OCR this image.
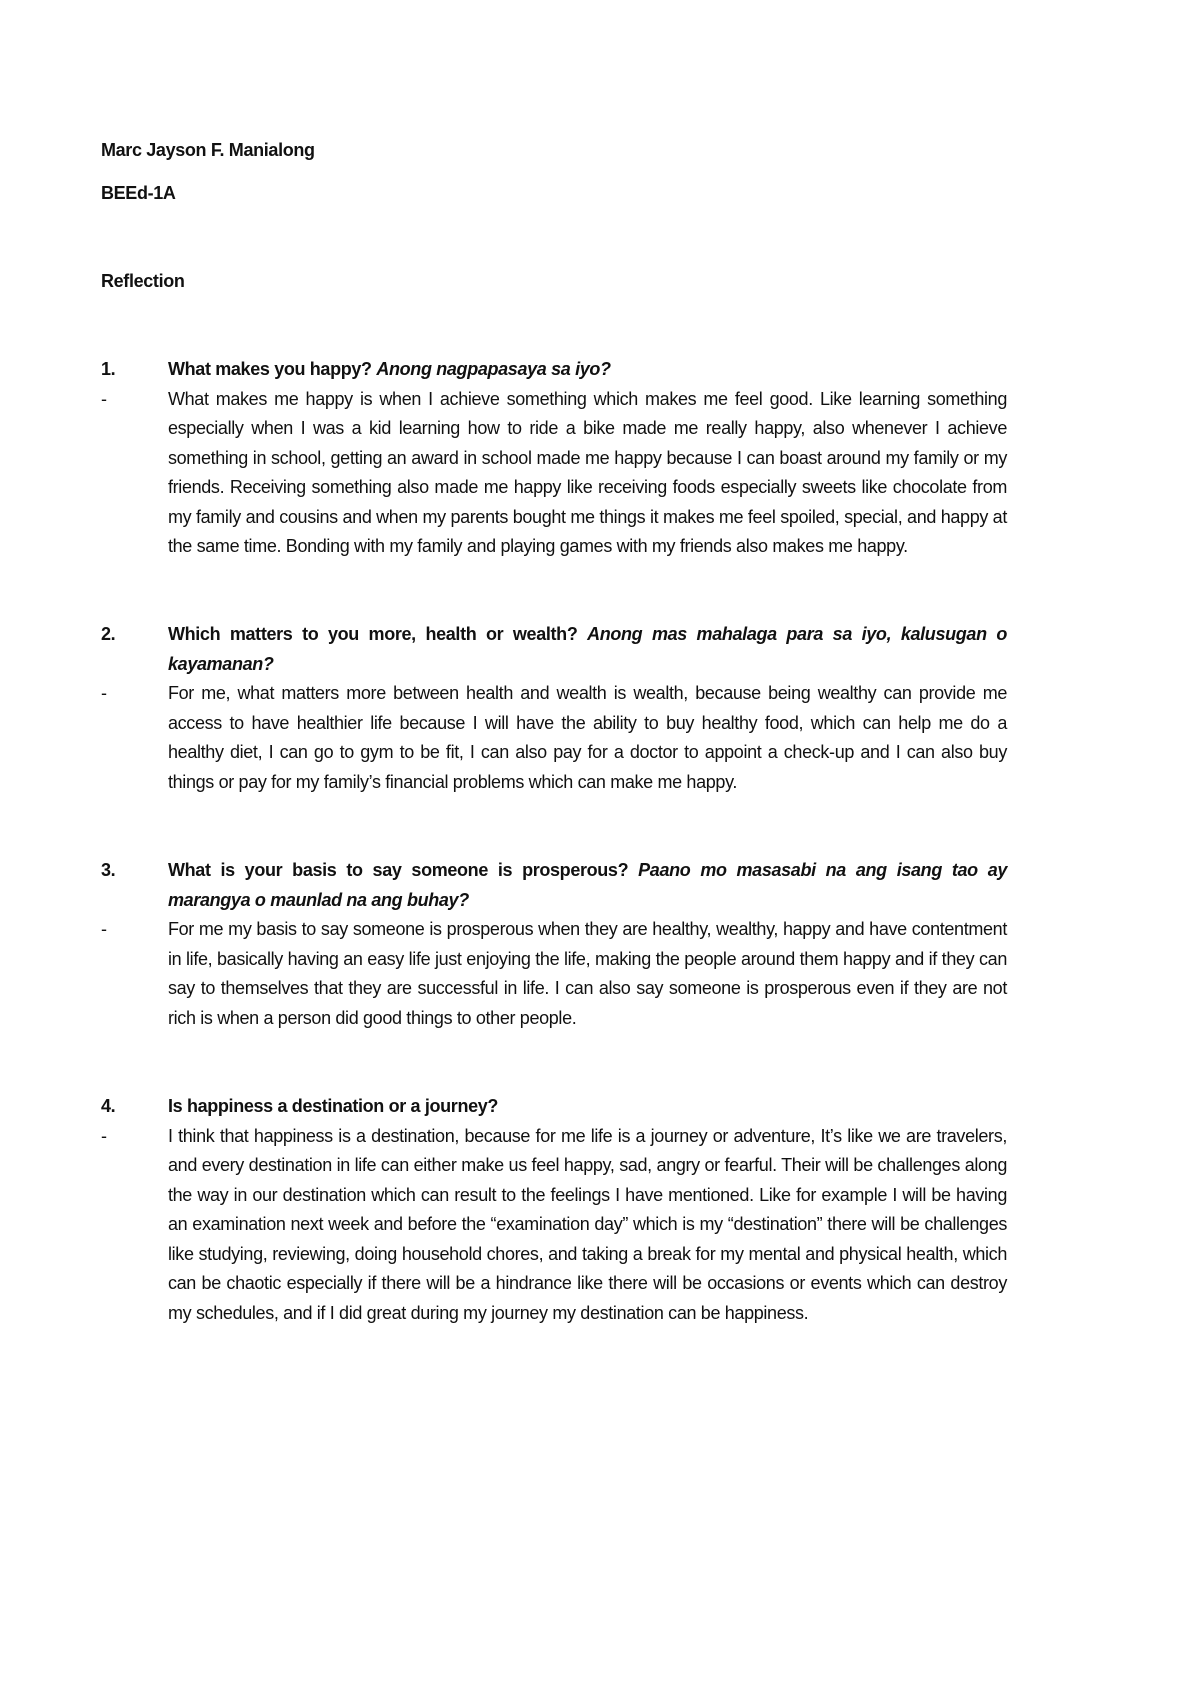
Marc Jayson F. Manialong
BEEd-1A
Reflection
1.	What makes you happy? Anong nagpapasaya sa iyo?
-	What makes me happy is when I achieve something which makes me feel good. Like learning something especially when I was a kid learning how to ride a bike made me really happy, also whenever I achieve something in school, getting an award in school made me happy because I can boast around my family or my friends. Receiving something also made me happy like receiving foods especially sweets like chocolate from my family and cousins and when my parents bought me things it makes me feel spoiled, special, and happy at the same time. Bonding with my family and playing games with my friends also makes me happy.
2.	Which matters to you more, health or wealth? Anong mas mahalaga para sa iyo, kalusugan o kayamanan?
-	For me, what matters more between health and wealth is wealth, because being wealthy can provide me access to have healthier life because I will have the ability to buy healthy food, which can help me do a healthy diet, I can go to gym to be fit, I can also pay for a doctor to appoint a check-up and I can also buy things or pay for my family’s financial problems which can make me happy.
3.	What is your basis to say someone is prosperous? Paano mo masasabi na ang isang tao ay marangya o maunlad na ang buhay?
-	For me my basis to say someone is prosperous when they are healthy, wealthy, happy and have contentment in life, basically having an easy life just enjoying the life, making the people around them happy and if they can say to themselves that they are successful in life. I can also say someone is prosperous even if they are not rich is when a person did good things to other people.
4.	Is happiness a destination or a journey?
-	I think that happiness is a destination, because for me life is a journey or adventure, It’s like we are travelers, and every destination in life can either make us feel happy, sad, angry or fearful. Their will be challenges along the way in our destination which can result to the feelings I have mentioned. Like for example I will be having an examination next week and before the “examination day” which is my “destination” there will be challenges like studying, reviewing, doing household chores, and taking a break for my mental and physical health, which can be chaotic especially if there will be a hindrance like there will be occasions or events which can destroy my schedules, and if I did great during my journey my destination can be happiness.
